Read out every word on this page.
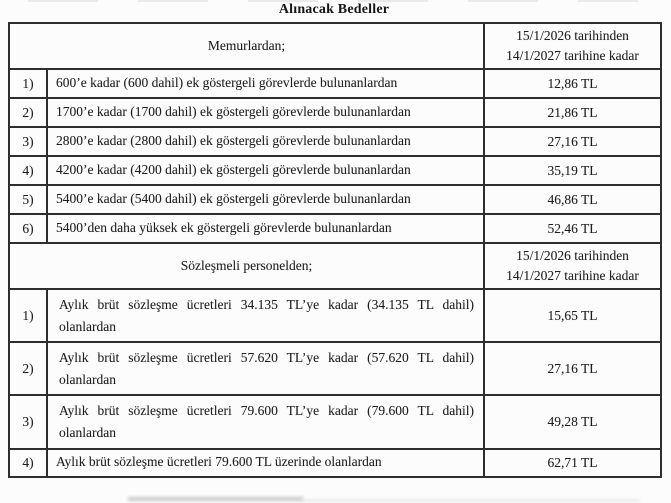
Alınacak Bedeller
Memurlardan;		15/1/2026 tarihinden
14/1/2027 tarihine kadar

1)	600’e kadar (600 dahil) ek göstergeli görevlerde bulunanlardan	12,86 TL
2)	1700’e kadar (1700 dahil) ek göstergeli görevlerde bulunanlardan	21,86 TL
3)	2800’e kadar (2800 dahil) ek göstergeli görevlerde bulunanlardan	27,16 TL
4)	4200’e kadar (4200 dahil) ek göstergeli görevlerde bulunanlardan	35,19 TL
5)	5400’e kadar (5400 dahil) ek göstergeli görevlerde bulunanlardan	46,86 TL
6)	5400’den daha yüksek ek göstergeli görevlerde bulunanlardan	52,46 TL
Sözleşmeli personelden;		15/1/2026 tarihinden
14/1/2027 tarihine kadar

1)	Aylık brüt sözleşme ücretleri 34.135 TL’ye kadar (34.135 TL dahil) olanlardan	15,65 TL
2)	Aylık brüt sözleşme ücretleri 57.620 TL’ye kadar (57.620 TL dahil) olanlardan	27,16 TL
3)	Aylık brüt sözleşme ücretleri 79.600 TL’ye kadar (79.600 TL dahil) olanlardan	49,28 TL
4)	Aylık brüt sözleşme ücretleri 79.600 TL üzerinde olanlardan	62,71 TL
